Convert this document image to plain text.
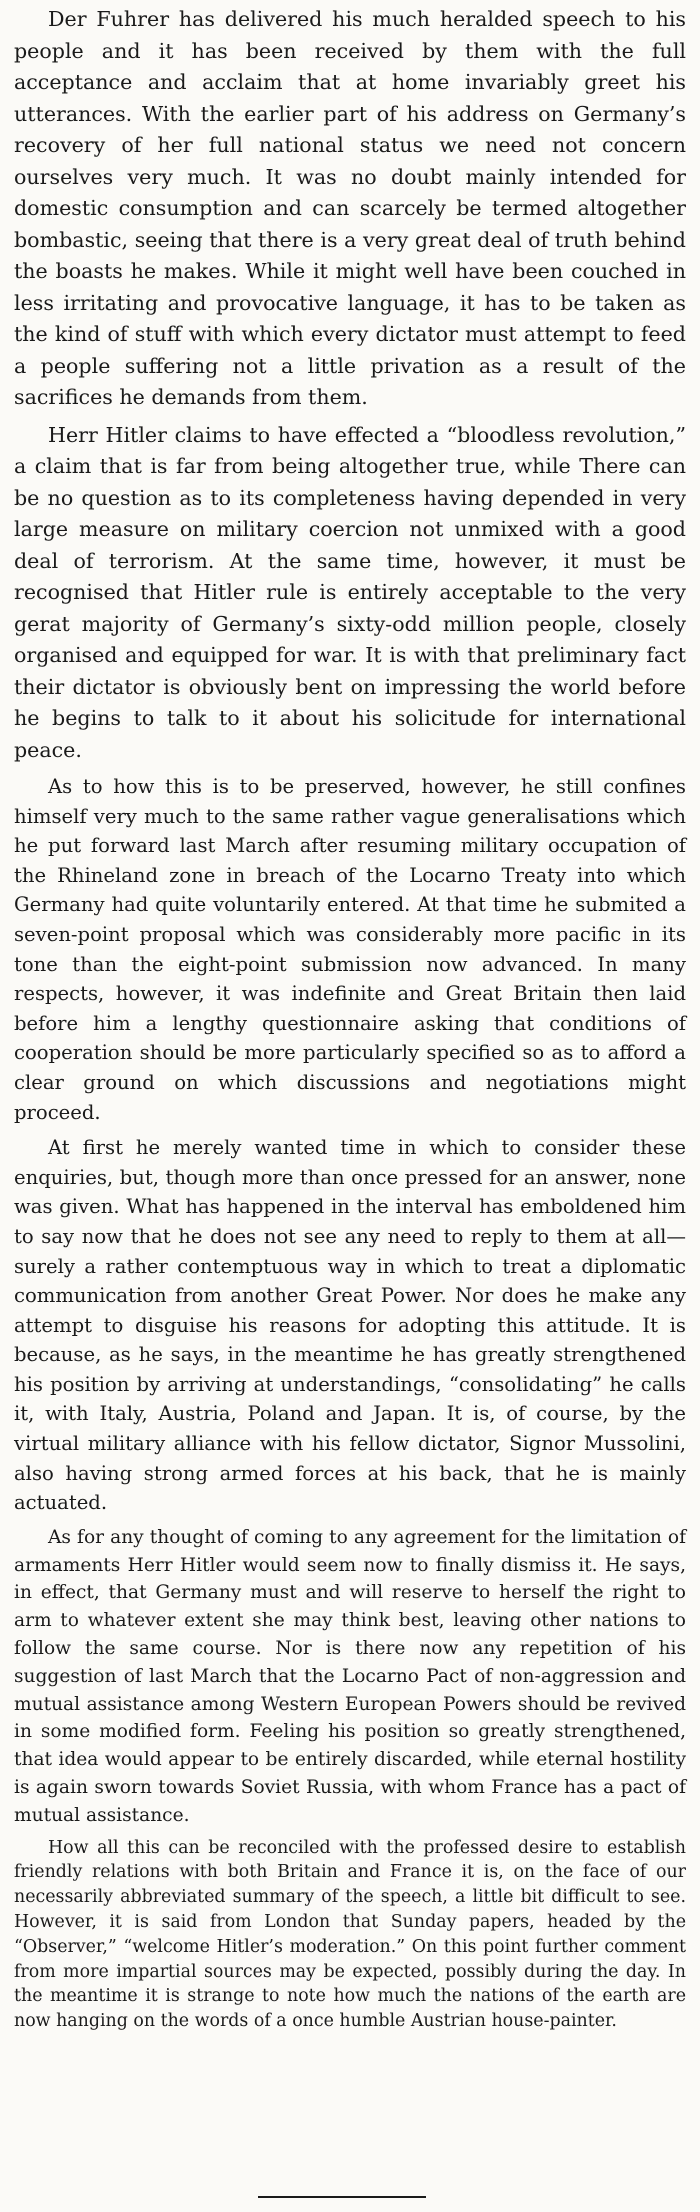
Der Fuhrer has delivered his much heralded speech to his people and it has been received by them with the full acceptance and acclaim that at home invariably greet his utterances. With the earlier part of his address on Germany’s recovery of her full national status we need not concern ourselves very much. It was no doubt mainly intended for domestic consumption and can scarcely be termed altogether bombastic, seeing that there is a very great deal of truth behind the boasts he makes. While it might well have been couched in less irritating and provocative language, it has to be taken as the kind of stuff with which every dictator must attempt to feed a people suffering not a little privation as a result of the sacrifices he demands from them.

Herr Hitler claims to have effected a “bloodless revolution,” a claim that is far from being altogether true, while There can be no question as to its completeness having depended in very large measure on military coercion not unmixed with a good deal of terrorism. At the same time, however, it must be recognised that Hitler rule is entirely acceptable to the very gerat majority of Germany’s sixty-odd million people, closely organised and equipped for war. It is with that preliminary fact their dictator is obviously bent on impressing the world before he begins to talk to it about his solicitude for international peace.

As to how this is to be preserved, however, he still confines himself very much to the same rather vague generalisations which he put forward last March after resuming military occupation of the Rhineland zone in breach of the Locarno Treaty into which Germany had quite voluntarily entered. At that time he submited a seven-point proposal which was considerably more pacific in its tone than the eight-point submission now advanced. In many respects, however, it was indefinite and Great Britain then laid before him a lengthy questionnaire asking that conditions of cooperation should be more particularly specified so as to afford a clear ground on which discussions and negotiations might proceed.

At first he merely wanted time in which to consider these enquiries, but, though more than once pressed for an answer, none was given. What has happened in the interval has emboldened him to say now that he does not see any need to reply to them at all—surely a rather contemptuous way in which to treat a diplomatic communication from another Great Power. Nor does he make any attempt to disguise his reasons for adopting this attitude. It is because, as he says, in the meantime he has greatly strengthened his position by arriving at understandings, “consolidating” he calls it, with Italy, Austria, Poland and Japan. It is, of course, by the virtual military alliance with his fellow dictator, Signor Mussolini, also having strong armed forces at his back, that he is mainly actuated.

As for any thought of coming to any agreement for the limitation of armaments Herr Hitler would seem now to finally dismiss it. He says, in effect, that Germany must and will reserve to herself the right to arm to whatever extent she may think best, leaving other nations to follow the same course. Nor is there now any repetition of his suggestion of last March that the Locarno Pact of non-aggression and mutual assistance among Western European Powers should be revived in some modified form. Feeling his position so greatly strengthened, that idea would appear to be entirely discarded, while eternal hostility is again sworn towards Soviet Russia, with whom France has a pact of mutual assistance.

How all this can be reconciled with the professed desire to establish friendly relations with both Britain and France it is, on the face of our necessarily abbreviated summary of the speech, a little bit difficult to see. However, it is said from London that Sunday papers, headed by the “Observer,” “welcome Hitler’s moderation.” On this point further comment from more impartial sources may be expected, possibly during the day. In the meantime it is strange to note how much the nations of the earth are now hanging on the words of a once humble Austrian house-painter.
